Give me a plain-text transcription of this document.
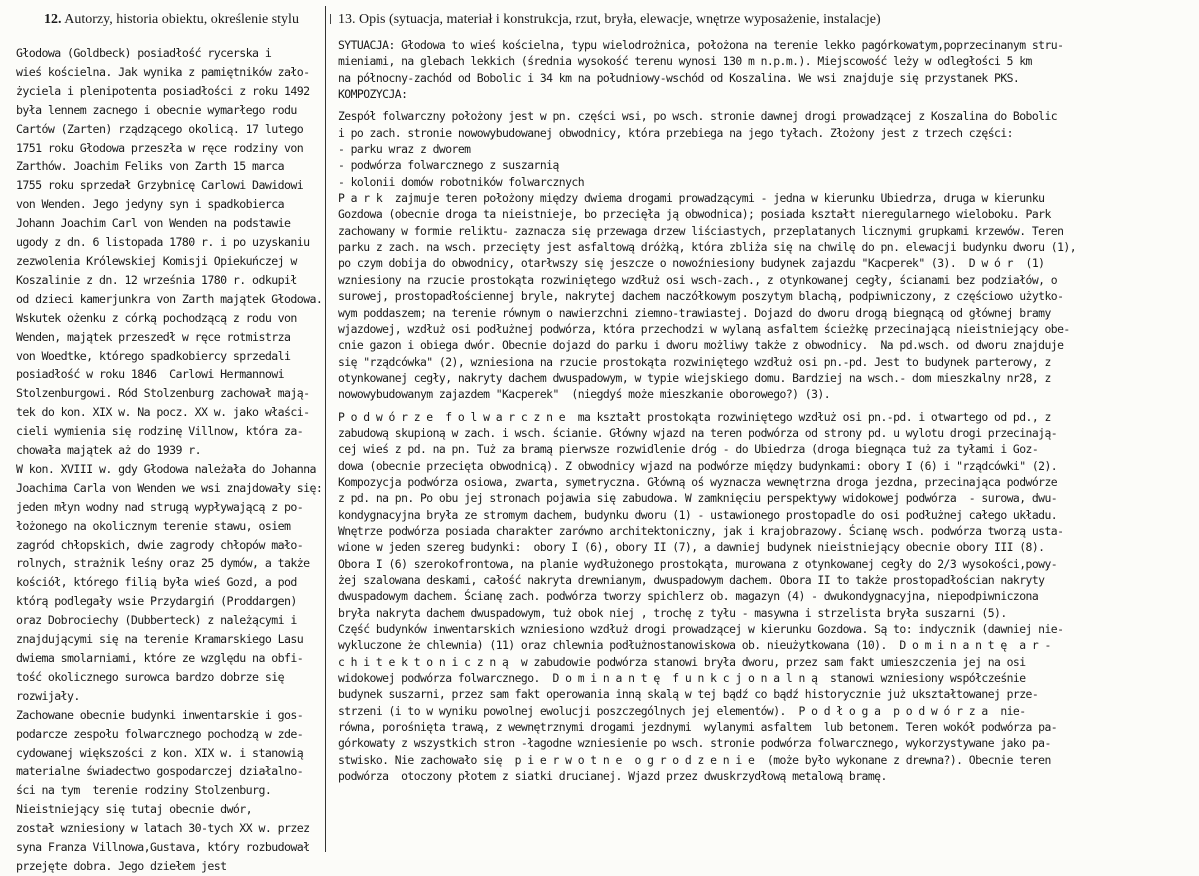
12. Autorzy, historia obiektu, określenie stylu
Głodowa (Goldbeck) posiadłość rycerska i
wieś kościelna. Jak wynika z pamiętników zało-
życiela i plenipotenta posiadłości z roku 1492
była lennem zacnego i obecnie wymarłego rodu
Cartów (Zarten) rządzącego okolicą. 17 lutego
1751 roku Głodowa przeszła w ręce rodziny von
Zarthów. Joachim Feliks von Zarth 15 marca
1755 roku sprzedał Grzybnicę Carlowi Dawidowi
von Wenden. Jego jedyny syn i spadkobierca
Johann Joachim Carl von Wenden na podstawie
ugody z dn. 6 listopada 1780 r. i po uzyskaniu
zezwolenia Królewskiej Komisji Opiekuńczej w
Koszalinie z dn. 12 września 1780 r. odkupił
od dzieci kamerjunkra von Zarth majątek Głodowa.
Wskutek ożenku z córką pochodzącą z rodu von
Wenden, majątek przeszedł w ręce rotmistrza
von Woedtke, którego spadkobiercy sprzedali
posiadłość w roku 1846  Carlowi Hermannowi
Stolzenburgowi. Ród Stolzenburg zachował mają-
tek do kon. XIX w. Na pocz. XX w. jako właści-
cieli wymienia się rodzinę Villnow, która za-
chowała majątek aż do 1939 r.
W kon. XVIII w. gdy Głodowa należała do Johanna
Joachima Carla von Wenden we wsi znajdowały się:
jeden młyn wodny nad strugą wypływającą z po-
łożonego na okolicznym terenie stawu, osiem
zagród chłopskich, dwie zagrody chłopów mało-
rolnych, strażnik leśny oraz 25 dymów, a także
kościół, którego filią była wieś Gozd, a pod
którą podlegały wsie Przydargiń (Proddargen)
oraz Dobrociechy (Dubberteck) z należącymi i
znajdującymi się na terenie Kramarskiego Lasu
dwiema smolarniami, które ze względu na obfi-
tość okolicznego surowca bardzo dobrze się
rozwijały.
Zachowane obecnie budynki inwentarskie i gos-
podarcze zespołu folwarcznego pochodzą w zde-
cydowanej większości z kon. XIX w. i stanowią
materialne świadectwo gospodarczej działalno-
ści na tym  terenie rodziny Stolzenburg.
Nieistniejący się tutaj obecnie dwór,
został wzniesiony w latach 30-tych XX w. przez
syna Franza Villnowa,Gustava, który rozbudował
przejęte dobra. Jego dziełem jest
13. Opis (sytuacja, materiał i konstrukcja, rzut, bryła, elewacje, wnętrze wyposażenie, instalacje)
SYTUACJA: Głodowa to wieś kościelna, typu wielodrożnica, położona na terenie lekko pagórkowatym,poprzecinanym stru-
mieniami, na glebach lekkich (średnia wysokość terenu wynosi 130 m n.p.m.). Miejscowość leży w odległości 5 km
na północny-zachód od Bobolic i 34 km na południowy-wschód od Koszalina. We wsi znajduje się przystanek PKS.
KOMPOZYCJA:
Zespół folwarczny położony jest w pn. części wsi, po wsch. stronie dawnej drogi prowadzącej z Koszalina do Bobolic
i po zach. stronie nowowybudowanej obwodnicy, która przebiega na jego tyłach. Złożony jest z trzech części:
- parku wraz z dworem
- podwórza folwarcznego z suszarnią
- kolonii domów robotników folwarcznych
P a r k  zajmuje teren położony między dwiema drogami prowadzącymi - jedna w kierunku Ubiedrza, druga w kierunku
Gozdowa (obecnie droga ta nieistnieje, bo przecięła ją obwodnica); posiada kształt nieregularnego wieloboku. Park
zachowany w formie reliktu- zaznacza się przewaga drzew liściastych, przeplatanych licznymi grupkami krzewów. Teren
parku z zach. na wsch. przecięty jest asfaltową dróżką, która zbliża się na chwilę do pn. elewacji budynku dworu (1),
po czym dobija do obwodnicy, otarłwszy się jeszcze o nowoźniesiony budynek zajazdu "Kacperek" (3).  D w ó r  (1)
wzniesiony na rzucie prostokąta rozwiniętego wzdłuż osi wsch-zach., z otynkowanej cegły, ścianami bez podziałów, o
surowej, prostopadłościennej bryle, nakrytej dachem naczółkowym poszytym blachą, podpiwniczony, z częściowo użytko-
wym poddaszem; na terenie równym o nawierzchni ziemno-trawiastej. Dojazd do dworu drogą biegnącą od głównej bramy
wjazdowej, wzdłuż osi podłużnej podwórza, która przechodzi w wylaną asfaltem ścieżkę przecinającą nieistniejący obe-
cnie gazon i obiega dwór. Obecnie dojazd do parku i dworu możliwy także z obwodnicy.  Na pd.wsch. od dworu znajduje
się "rządcówka" (2), wzniesiona na rzucie prostokąta rozwiniętego wzdłuż osi pn.-pd. Jest to budynek parterowy, z
otynkowanej cegły, nakryty dachem dwuspadowym, w typie wiejskiego domu. Bardziej na wsch.- dom mieszkalny nr28, z
nowowybudowanym zajazdem "Kacperek"  (niegdyś może mieszkanie oborowego?) (3).
P o d w ó r z e  f o l w a r c z n e  ma kształt prostokąta rozwiniętego wzdłuż osi pn.-pd. i otwartego od pd., z
zabudową skupioną w zach. i wsch. ścianie. Główny wjazd na teren podwórza od strony pd. u wylotu drogi przecinają-
cej wieś z pd. na pn. Tuż za bramą pierwsze rozwidlenie dróg - do Ubiedrza (droga biegnąca tuż za tyłami i Goz-
dowa (obecnie przecięta obwodnicą). Z obwodnicy wjazd na podwórze między budynkami: obory I (6) i "rządcówki" (2).
Kompozycja podwórza osiowa, zwarta, symetryczna. Główną oś wyznacza wewnętrzna droga jezdna, przecinająca podwórze
z pd. na pn. Po obu jej stronach pojawia się zabudowa. W zamknięciu perspektywy widokowej podwórza  - surowa, dwu-
kondygnacyjna bryła ze stromym dachem, budynku dworu (1) - ustawionego prostopadle do osi podłużnej całego układu.
Wnętrze podwórza posiada charakter zarówno architektoniczny, jak i krajobrazowy. Ścianę wsch. podwórza tworzą usta-
wione w jeden szereg budynki:  obory I (6), obory II (7), a dawniej budynek nieistniejący obecnie obory III (8).
Obora I (6) szerokofrontowa, na planie wydłużonego prostokąta, murowana z otynkowanej cegły do 2/3 wysokości,powy-
żej szalowana deskami, całość nakryta drewnianym, dwuspadowym dachem. Obora II to także prostopadłościan nakryty
dwuspadowym dachem. Ścianę zach. podwórza tworzy spichlerz ob. magazyn (4) - dwukondygnacyjna, niepodpiwniczona
bryła nakryta dachem dwuspadowym, tuż obok niej , trochę z tyłu - masywna i strzelista bryła suszarni (5).
Część budynków inwentarskich wzniesiono wzdłuż drogi prowadzącej w kierunku Gozdowa. Są to: indycznik (dawniej nie-
wykluczone że chlewnia) (11) oraz chlewnia podłużnostanowiskowa ob. nieużytkowana (10).  D o m i n a n t ę  a r -
c h i t e k t o n i c z n ą  w zabudowie podwórza stanowi bryła dworu, przez sam fakt umieszczenia jej na osi
widokowej podwórza folwarcznego.  D o m i n a n t ę  f u n k c j o n a l n ą  stanowi wzniesiony współcześnie
budynek suszarni, przez sam fakt operowania inną skalą w tej bądź co bądź historycznie już ukształtowanej prze-
strzeni (i to w wyniku powolnej ewolucji poszczególnych jej elementów).  P o d ł o g a  p o d w ó r z a  nie-
równa, porośnięta trawą, z wewnętrznymi drogami jezdnymi  wylanymi asfaltem  lub betonem. Teren wokół podwórza pa-
górkowaty z wszystkich stron -łagodne wzniesienie po wsch. stronie podwórza folwarcznego, wykorzystywane jako pa-
stwisko. Nie zachowało się  p i e r w o t n e  o g r o d z e n i e  (może było wykonane z drewna?). Obecnie teren
podwórza  otoczony płotem z siatki drucianej. Wjazd przez dwuskrzydłową metalową bramę.
